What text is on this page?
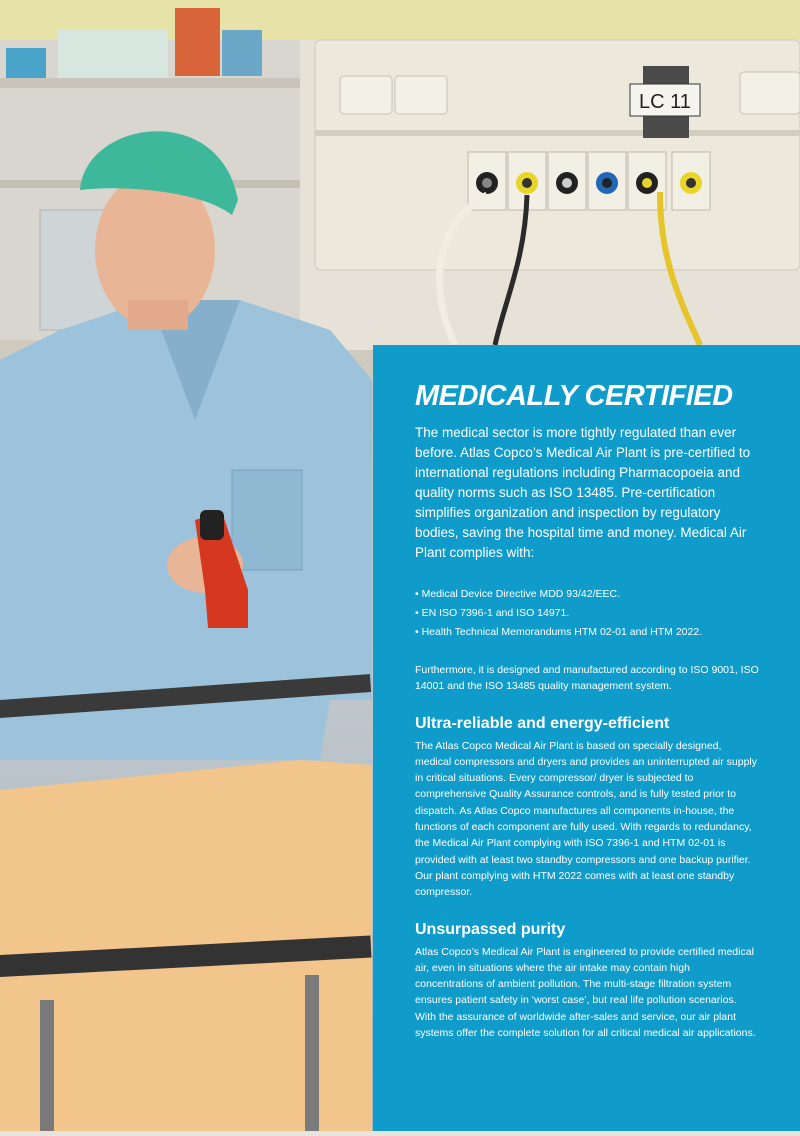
LC 11
MEDICALLY CERTIFIED

The medical sector is more tightly regulated than ever before. Atlas Copco’s Medical Air Plant is pre-certified to international regulations including Pharmacopoeia and quality norms such as ISO 13485. Pre-certification simplifies organization and inspection by regulatory bodies, saving the hospital time and money. Medical Air Plant complies with:

• Medical Device Directive MDD 93/42/EEC.
• EN ISO 7396-1 and ISO 14971.
• Health Technical Memorandums HTM 02-01 and HTM 2022.

Furthermore, it is designed and manufactured according to ISO 9001, ISO 14001 and the ISO 13485 quality management system.

Ultra-reliable and energy-efficient

The Atlas Copco Medical Air Plant is based on specially designed, medical compressors and dryers and provides an uninterrupted air supply in critical situations. Every compressor/ dryer is subjected to comprehensive Quality Assurance controls, and is fully tested prior to dispatch. As Atlas Copco manufactures all components in-house, the functions of each component are fully used. With regards to redundancy, the Medical Air Plant complying with ISO 7396-1 and HTM 02-01 is provided with at least two standby compressors and one backup purifier. Our plant complying with HTM 2022 comes with at least one standby compressor.

Unsurpassed purity

Atlas Copco’s Medical Air Plant is engineered to provide certified medical air, even in situations where the air intake may contain high concentrations of ambient pollution. The multi-stage filtration system ensures patient safety in ‘worst case’, but real life pollution scenarios. With the assurance of worldwide after-sales and service, our air plant systems offer the complete solution for all critical medical air applications.
